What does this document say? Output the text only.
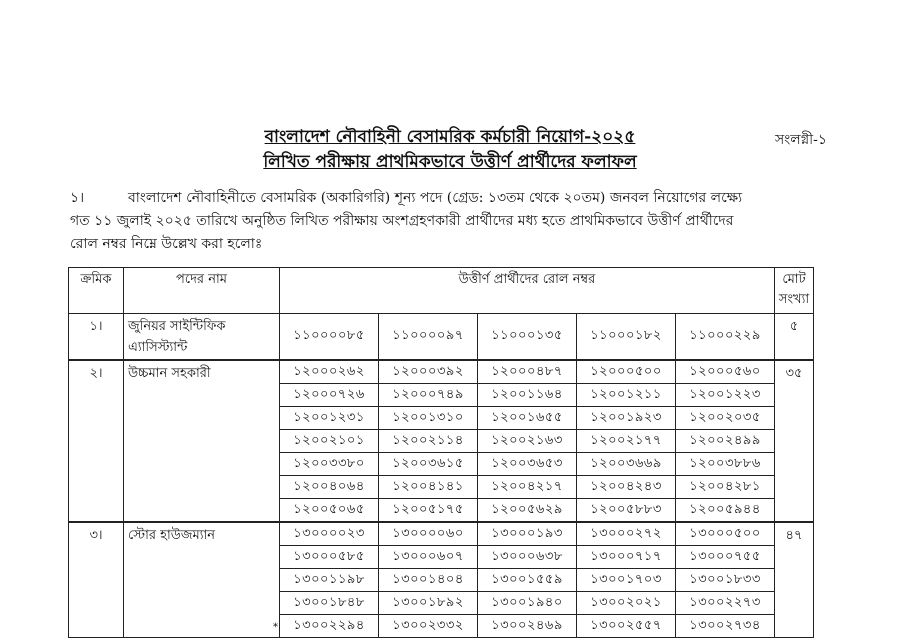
বাংলাদেশ নৌবাহিনী বেসামরিক কর্মচারী নিয়োগ-২০২৫
লিখিত পরীক্ষায় প্রাথমিকভাবে উত্তীর্ণ প্রার্থীদের ফলাফল
সংলগ্নী-১
১।	বাংলাদেশ নৌবাহিনীতে বেসামরিক (অকারিগরি) শূন্য পদে (গ্রেড: ১৩তম থেকে ২০তম) জনবল নিয়োগের লক্ষ্যে
গত ১১ জুলাই ২০২৫ তারিখে অনুষ্ঠিত লিখিত পরীক্ষায় অংশগ্রহণকারী প্রার্থীদের মধ্য হতে প্রাথমিকভাবে উত্তীর্ণ প্রার্থীদের
রোল নম্বর নিম্নে উল্লেখ করা হলোঃ
ক্রমিক	পদের নাম	উত্তীর্ণ প্রার্থীদের রোল নম্বর					মোট সংখ্যা
১।	জুনিয়র সাইন্টিফিক এ্যাসিস্ট্যান্ট	১১০০০০৮৫	১১০০০০৯৭	১১০০০১৩৫	১১০০০১৮২	১১০০০২২৯	৫
২।	উচ্চমান সহকারী	১২০০০২৬২	১২০০০৩৯২	১২০০০৪৮৭	১২০০০৫০০	১২০০০৫৬০	৩৫
		১২০০০৭২৬	১২০০০৭৪৯	১২০০১১৬৪	১২০০১২১১	১২০০১২২৩	
		১২০০১২৩১	১২০০১৩১০	১২০০১৬৫৫	১২০০১৯২৩	১২০০২০৩৫	
		১২০০২১০১	১২০০২১১৪	১২০০২১৬৩	১২০০২১৭৭	১২০০২৪৯৯	
		১২০০৩৩৮০	১২০০৩৬১৫	১২০০৩৬৫৩	১২০০৩৬৬৯	১২০০৩৮৮৬	
		১২০০৪০৬৪	১২০০৪১৪১	১২০০৪২১৭	১২০০৪২৪৩	১২০০৪২৮১	
		১২০০৫০৬৫	১২০০৫১৭৫	১২০০৫৬২৯	১২০০৫৮৮৩	১২০০৫৯৪৪	
৩।	স্টোর হাউজম্যান	১৩০০০০২৩	১৩০০০০৬০	১৩০০০১৯৩	১৩০০০২৭২	১৩০০০৫০০	৪৭
		১৩০০০৫৮৫	১৩০০০৬০৭	১৩০০০৬৩৮	১৩০০০৭১৭	১৩০০০৭৫৫	
		১৩০০১১৯৮	১৩০০১৪০৪	১৩০০১৫৫৯	১৩০০১৭০৩	১৩০০১৮৩৩	
		১৩০০১৮৪৮	১৩০০১৮৯২	১৩০০১৯৪০	১৩০০২০২১	১৩০০২২৭৩	
		১৩০০২২৯৪	১৩০০২৩৩২	১৩০০২৪৬৯	১৩০০২৫৫৭	১৩০০২৭৩৪	
*
